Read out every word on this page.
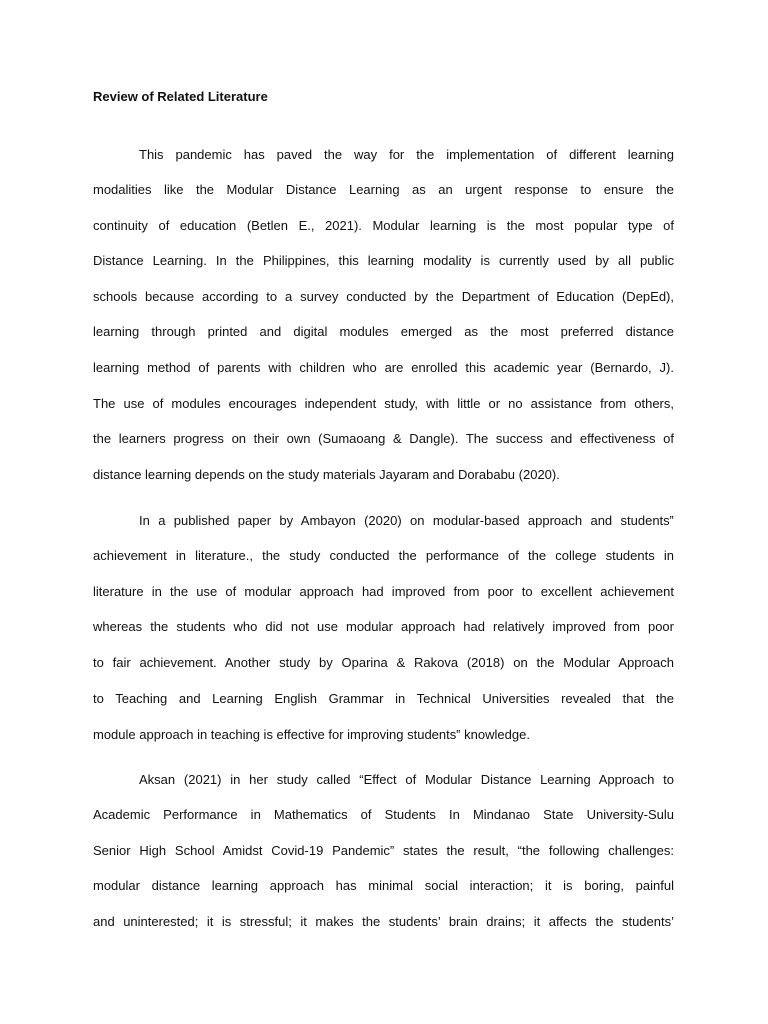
Review of Related Literature
This pandemic has paved the way for the implementation of different learning
modalities like the Modular Distance Learning as an urgent response to ensure the
continuity of education (Betlen E., 2021). Modular learning is the most popular type of
Distance Learning. In the Philippines, this learning modality is currently used by all public
schools because according to a survey conducted by the Department of Education (DepEd),
learning through printed and digital modules emerged as the most preferred distance
learning method of parents with children who are enrolled this academic year (Bernardo, J).
The use of modules encourages independent study, with little or no assistance from others,
the learners progress on their own (Sumaoang & Dangle). The success and effectiveness of
distance learning depends on the study materials Jayaram and Dorababu (2020).
In a published paper by Ambayon (2020) on modular-based approach and students‟
achievement in literature., the study conducted the performance of the college students in
literature in the use of modular approach had improved from poor to excellent achievement
whereas the students who did not use modular approach had relatively improved from poor
to fair achievement. Another study by Oparina & Rakova (2018) on the Modular Approach
to Teaching and Learning English Grammar in Technical Universities revealed that the
module approach in teaching is effective for improving students‟ knowledge.
Aksan (2021) in her study called “Effect of Modular Distance Learning Approach to
Academic Performance in Mathematics of Students In Mindanao State University-Sulu
Senior High School Amidst Covid-19 Pandemic” states the result, “the following challenges:
modular distance learning approach has minimal social interaction; it is boring, painful
and uninterested; it is stressful; it makes the students’ brain drains; it affects the students’
